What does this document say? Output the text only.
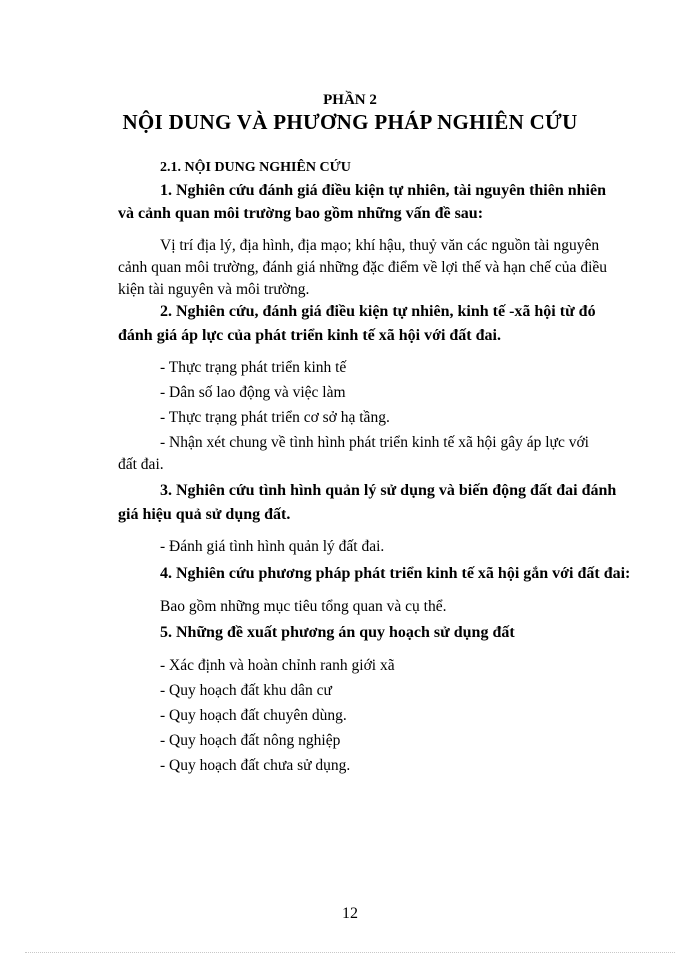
PHẦN 2
NỘI DUNG VÀ PHƯƠNG PHÁP NGHIÊN CỨU
2.1. NỘI DUNG NGHIÊN CỨU
1. Nghiên cứu đánh giá điều kiện tự nhiên, tài nguyên thiên nhiên
và cảnh quan môi trường bao gồm những vấn đề sau:
Vị trí địa lý, địa hình, địa mạo; khí hậu, thuỷ văn các nguồn tài nguyên
cảnh quan môi trường, đánh giá những đặc điểm về lợi thế và hạn chế của điều
kiện tài nguyên và môi trường.
2. Nghiên cứu, đánh giá điều kiện tự nhiên, kinh tế -xã hội từ đó
đánh giá áp lực của phát triển kinh tế xã hội với đất đai.
- Thực trạng phát triển kinh tế
- Dân số lao động và việc làm
- Thực trạng phát triển cơ sở hạ tầng.
- Nhận xét chung về tình hình phát triển kinh tế xã hội gây áp lực với
đất đai.
3. Nghiên cứu tình hình quản lý sử dụng và biến động đất đai đánh
giá hiệu quả sử dụng đất.
- Đánh giá tình hình quản lý đất đai.
4. Nghiên cứu phương pháp phát triển kinh tế xã hội gắn với đất đai:
Bao gồm những mục tiêu tổng quan và cụ thể.
5. Những đề xuất phương án quy hoạch sử dụng đất
- Xác định và hoàn chỉnh ranh giới xã
- Quy hoạch đất khu dân cư
- Quy hoạch đất chuyên dùng.
- Quy hoạch đất nông nghiệp
- Quy hoạch đất chưa sử dụng.
12
